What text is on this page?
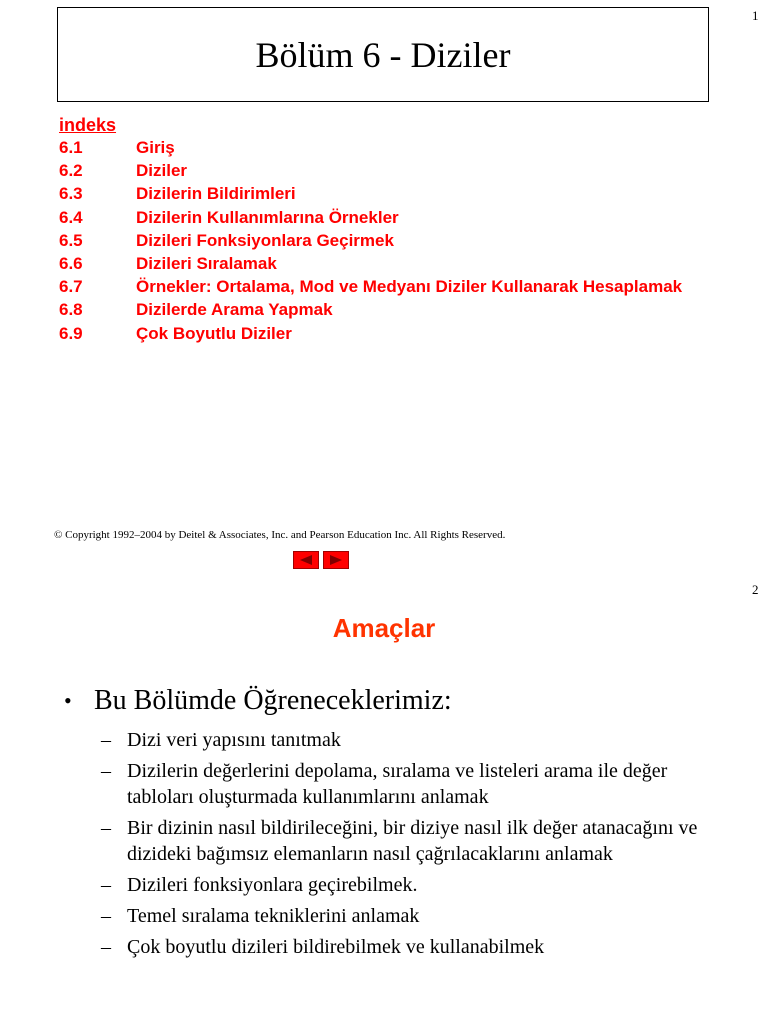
1
Bölüm 6 - Diziler
indeks
6.1	Giriş
6.2	Diziler
6.3	Dizilerin Bildirimleri
6.4	Dizilerin Kullanımlarına Örnekler
6.5	Dizileri Fonksiyonlara Geçirmek
6.6	Dizileri Sıralamak
6.7	Örnekler: Ortalama, Mod ve Medyanı Diziler Kullanarak Hesaplamak
6.8	Dizilerde Arama Yapmak
6.9	Çok Boyutlu Diziler
© Copyright 1992–2004 by Deitel & Associates, Inc. and Pearson Education Inc. All Rights Reserved.
2
Amaçlar
• Bu Bölümde Öğreneceklerimiz:
– Dizi veri yapısını tanıtmak
– Dizilerin değerlerini depolama, sıralama ve listeleri arama ile değer tabloları oluşturmada kullanımlarını anlamak
– Bir dizinin nasıl bildirileceğini, bir diziye nasıl ilk değer atanacağını ve dizideki bağımsız elemanların nasıl çağrılacaklarını anlamak
– Dizileri fonksiyonlara geçirebilmek.
– Temel sıralama tekniklerini anlamak
– Çok boyutlu dizileri bildirebilmek ve kullanabilmek
